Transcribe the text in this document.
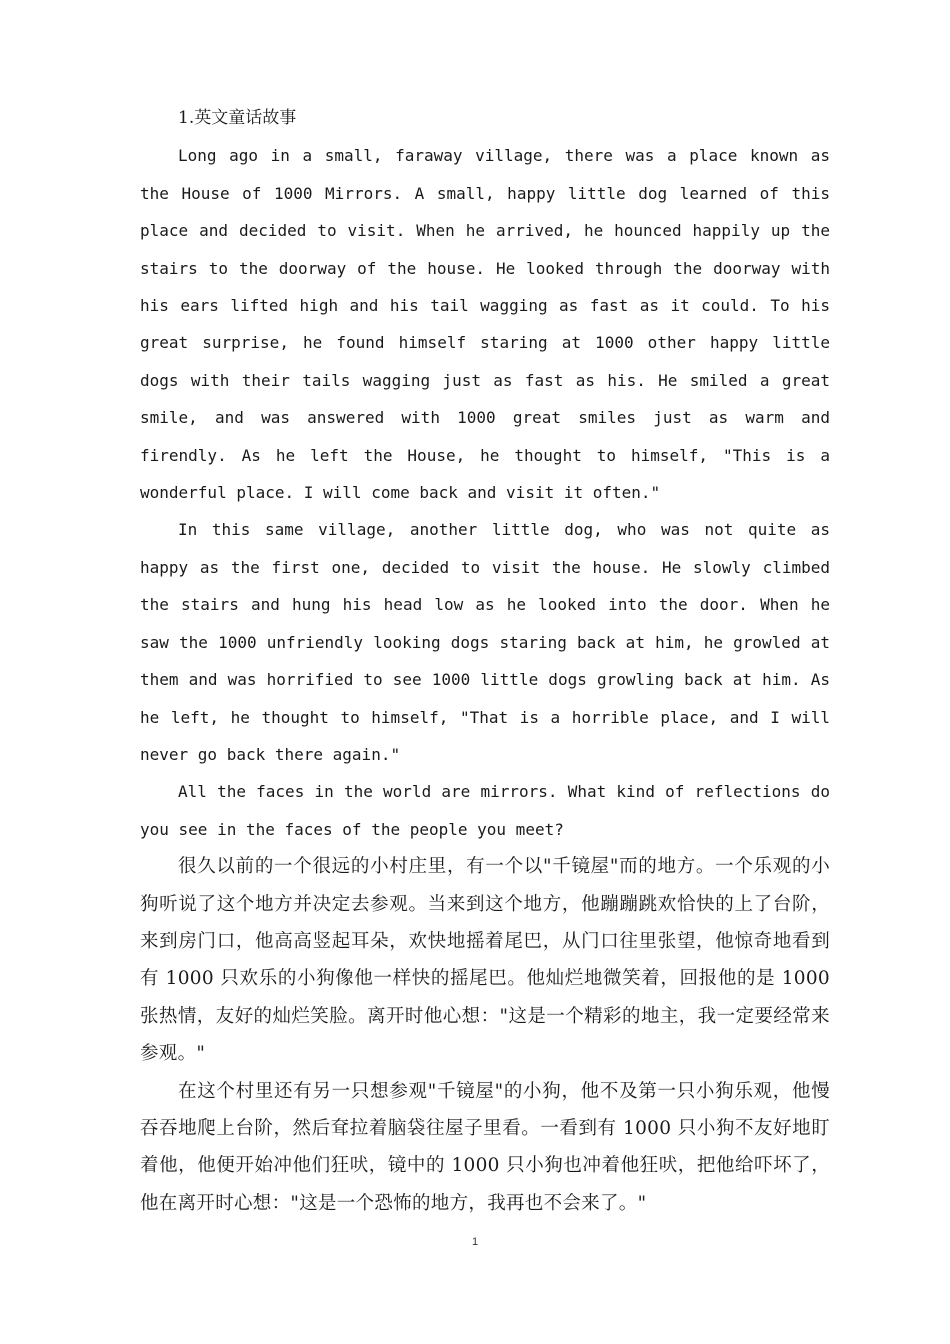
1.英文童话故事

Long ago in a small, faraway village, there was a place known as the House of 1000 Mirrors. A small, happy little dog learned of this place and decided to visit. When he arrived, he hounced happily up the stairs to the doorway of the house. He looked through the doorway with his ears lifted high and his tail wagging as fast as it could. To his great surprise, he found himself staring at 1000 other happy little dogs with their tails wagging just as fast as his. He smiled a great smile, and was answered with 1000 great smiles just as warm and firendly. As he left the House, he thought to himself, "This is a wonderful place. I will come back and visit it often."

In this same village, another little dog, who was not quite as happy as the first one, decided to visit the house. He slowly climbed the stairs and hung his head low as he looked into the door. When he saw the 1000 unfriendly looking dogs staring back at him, he growled at them and was horrified to see 1000 little dogs growling back at him. As he left, he thought to himself, "That is a horrible place, and I will never go back there again."

All the faces in the world are mirrors. What kind of reflections do you see in the faces of the people you meet?

很久以前的一个很远的小村庄里，有一个以"千镜屋"而的地方。一个乐观的小狗听说了这个地方并决定去参观。当来到这个地方，他蹦蹦跳欢恰快的上了台阶，来到房门口，他高高竖起耳朵，欢快地摇着尾巴，从门口往里张望，他惊奇地看到有 1000 只欢乐的小狗像他一样快的摇尾巴。他灿烂地微笑着，回报他的是 1000 张热情，友好的灿烂笑脸。离开时他心想："这是一个精彩的地主，我一定要经常来参观。"

在这个村里还有另一只想参观"千镜屋"的小狗，他不及第一只小狗乐观，他慢吞吞地爬上台阶，然后耷拉着脑袋往屋子里看。一看到有 1000 只小狗不友好地盯着他，他便开始冲他们狂吠，镜中的 1000 只小狗也冲着他狂吠，把他给吓坏了，他在离开时心想："这是一个恐怖的地方，我再也不会来了。"

1
